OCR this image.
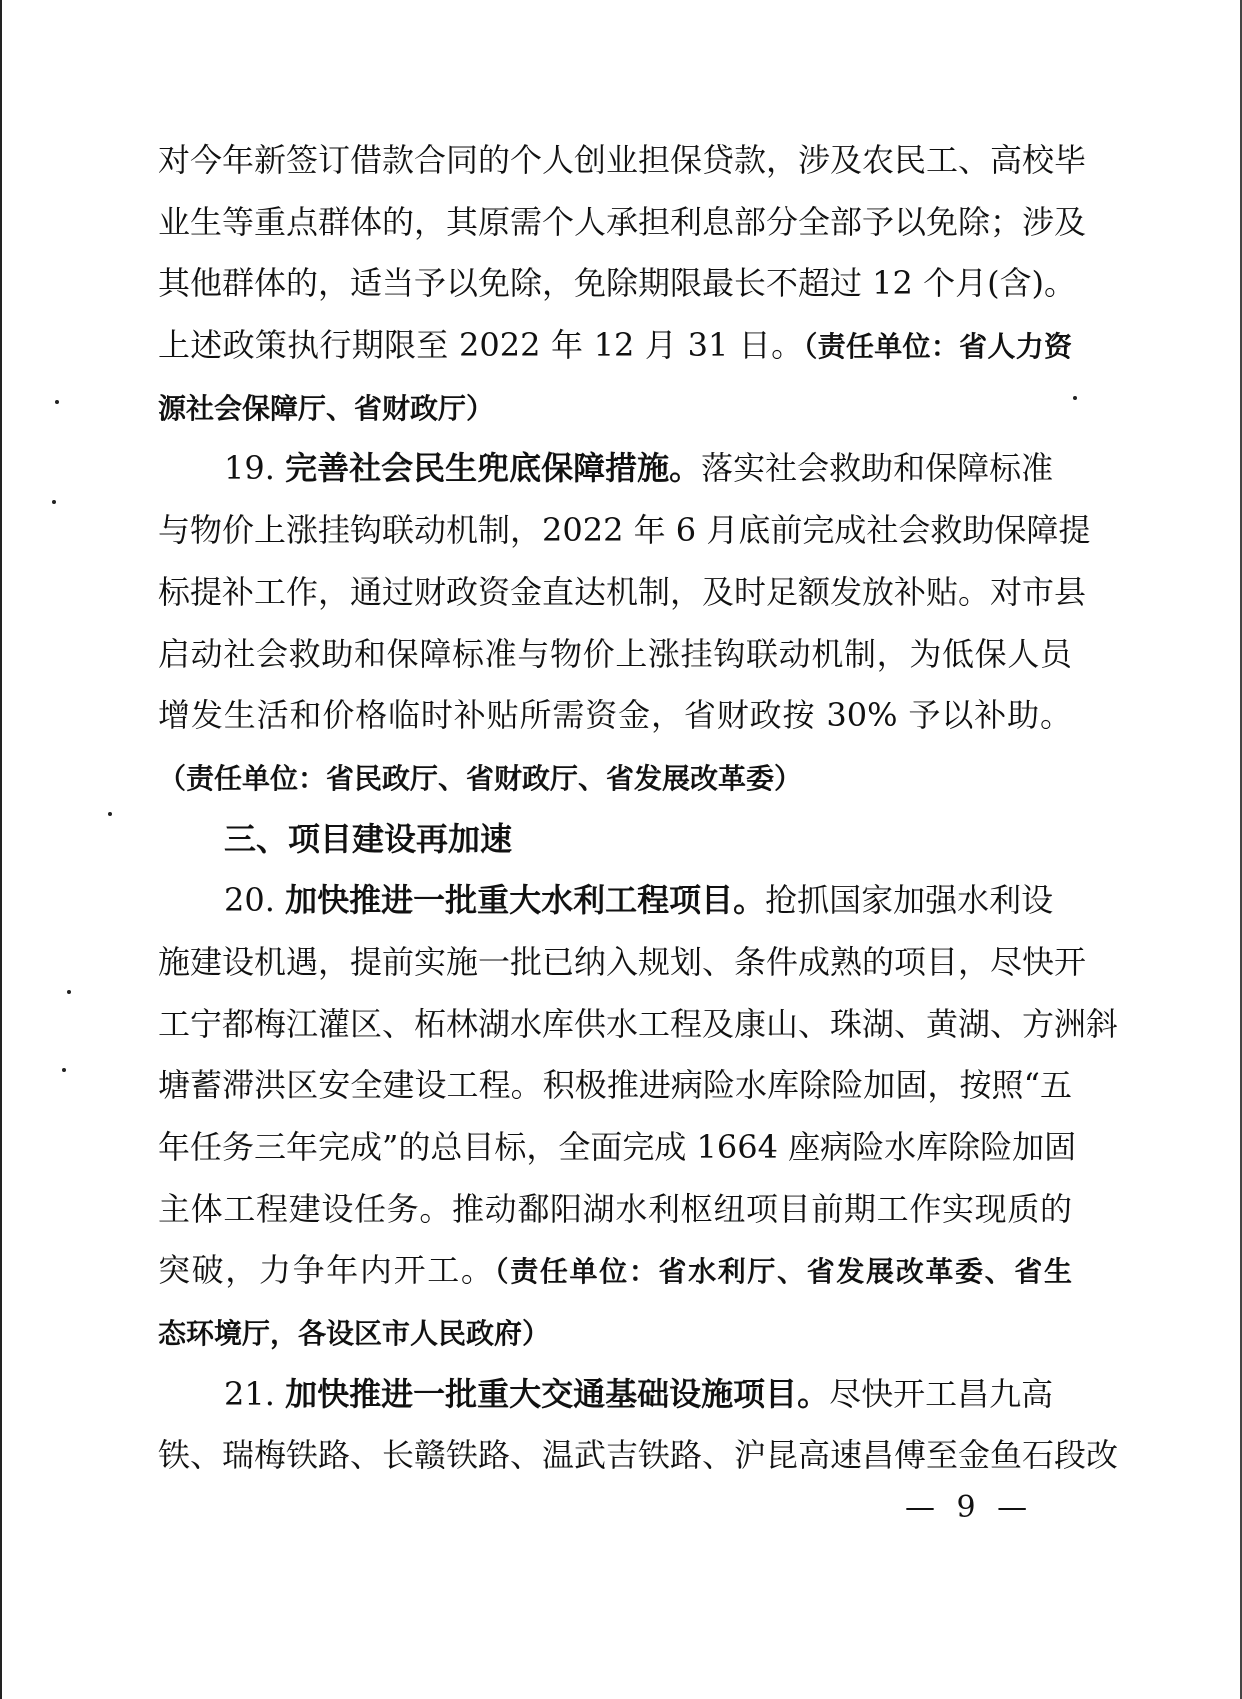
对今年新签订借款合同的个人创业担保贷款，涉及农民工、高校毕
业生等重点群体的，其原需个人承担利息部分全部予以免除；涉及
其他群体的，适当予以免除，免除期限最长不超过 12 个月(含)。
上述政策执行期限至 2022 年 12 月 31 日。（责任单位：省人力资
源社会保障厅、省财政厅）
19. 完善社会民生兜底保障措施。落实社会救助和保障标准
与物价上涨挂钩联动机制，2022 年 6 月底前完成社会救助保障提
标提补工作，通过财政资金直达机制，及时足额发放补贴。对市县
启动社会救助和保障标准与物价上涨挂钩联动机制，为低保人员
增发生活和价格临时补贴所需资金，省财政按 30% 予以补助。
（责任单位：省民政厅、省财政厅、省发展改革委）
三、项目建设再加速
20. 加快推进一批重大水利工程项目。抢抓国家加强水利设
施建设机遇，提前实施一批已纳入规划、条件成熟的项目，尽快开
工宁都梅江灌区、柘林湖水库供水工程及康山、珠湖、黄湖、方洲斜
塘蓄滞洪区安全建设工程。积极推进病险水库除险加固，按照“五
年任务三年完成”的总目标，全面完成 1664 座病险水库除险加固
主体工程建设任务。推动鄱阳湖水利枢纽项目前期工作实现质的
突破，力争年内开工。（责任单位：省水利厅、省发展改革委、省生
态环境厅，各设区市人民政府）
21. 加快推进一批重大交通基础设施项目。尽快开工昌九高
铁、瑞梅铁路、长赣铁路、温武吉铁路、沪昆高速昌傅至金鱼石段改
— 9 —
